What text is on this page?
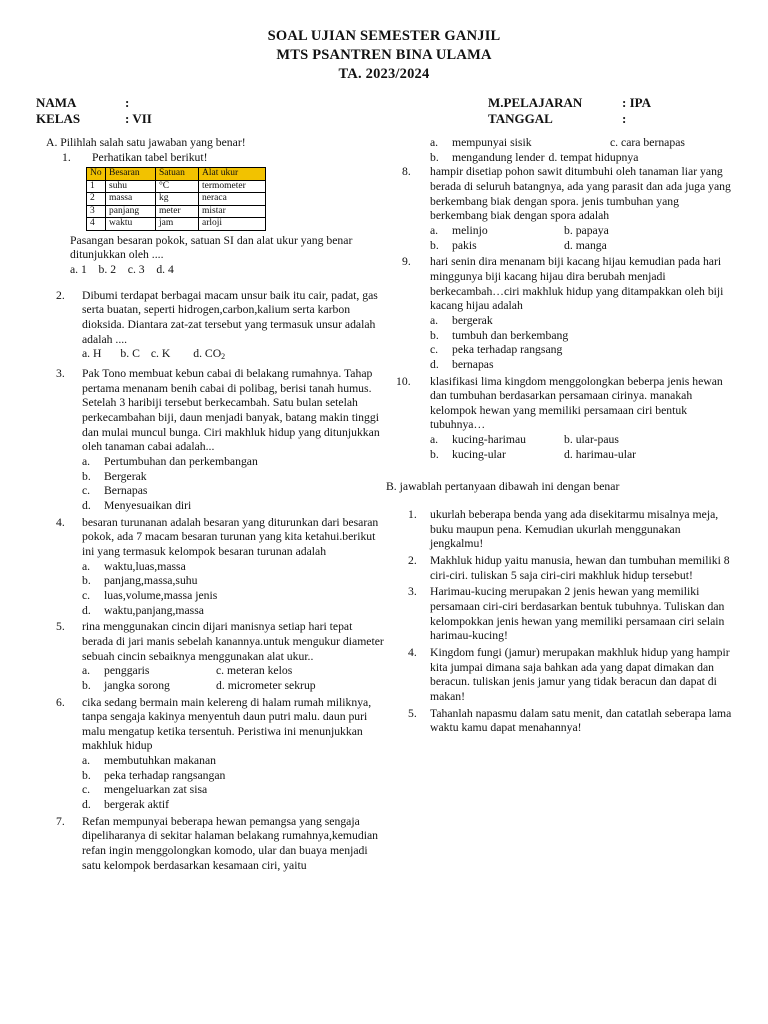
SOAL UJIAN SEMESTER GANJIL
MTS PSANTREN BINA ULAMA
TA. 2023/2024
NAMA	:
KELAS	: VII
M.PELAJARAN	: IPA
TANGGAL	:
A. Pilihlah salah satu jawaban yang benar!
1. Perhatikan tabel berikut!
No	Besaran	Satuan	Alat ukur
1	suhu	°C	termometer
2	massa	kg	neraca
3	panjang	meter	mistar
4	waktu	jam	arloji
Pasangan besaran pokok, satuan SI dan alat ukur yang benar ditunjukkan oleh ....
a. 1    b. 2    c. 3    d. 4
2. Dibumi terdapat berbagai macam unsur baik itu cair, padat, gas serta buatan, seperti hidrogen,carbon,kalium serta karbon dioksida. Diantara zat-zat tersebut yang termasuk unsur adalah adalah ....
a. H b. C c. K d. $CO_2$
3. Pak Tono membuat kebun cabai di belakang rumahnya. Tahap pertama menanam benih cabai di polibag, berisi tanah humus. Setelah 3 haribiji tersebut berkecambah. Satu bulan setelah perkecambahan biji, daun menjadi banyak, batang makin tinggi dan mulai muncul bunga. Ciri makhluk hidup yang ditunjukkan oleh tanaman cabai adalah...
a. Pertumbuhan dan perkembangan
b. Bergerak
c. Bernapas
d. Menyesuaikan diri
4. besaran turunanan adalah besaran yang diturunkan dari besaran pokok, ada 7 macam besaran turunan yang kita ketahui.berikut ini yang termasuk kelompok besaran turunan adalah
a. waktu,luas,massa
b. panjang,massa,suhu
c. luas,volume,massa jenis
d. waktu,panjang,massa
5. rina menggunakan cincin dijari manisnya setiap hari tepat berada di jari manis sebelah kanannya.untuk mengukur diameter sebuah cincin sebaiknya menggunakan alat ukur..
a. penggaris	c. meteran kelos
b. jangka sorong	d. micrometer sekrup
6. cika sedang bermain main kelereng di halam rumah miliknya, tanpa sengaja kakinya menyentuh daun putri malu. daun puri malu mengatup ketika tersentuh. Peristiwa ini menunjukkan makhluk hidup
a. membutuhkan makanan
b. peka terhadap rangsangan
c. mengeluarkan zat sisa
d. bergerak aktif
7. Refan mempunyai beberapa hewan pemangsa yang sengaja dipeliharanya di sekitar halaman belakang rumahnya,kemudian refan ingin menggolongkan komodo, ular dan buaya menjadi satu kelompok berdasarkan kesamaan ciri, yaitu
a. mempunyai sisik	c. cara bernapas
b. mengandung lender d. tempat hidupnya
8. hampir disetiap pohon sawit ditumbuhi oleh tanaman liar yang berada di seluruh batangnya, ada yang parasit dan ada juga yang berkembang biak dengan spora. jenis tumbuhan yang berkembang biak dengan spora adalah
a. melinjo	b. papaya
b. pakis	d. manga
9. hari senin dira menanam biji kacang hijau kemudian pada hari minggunya biji kacang hijau dira berubah menjadi berkecambah…ciri makhluk hidup yang ditampakkan oleh biji kacang hijau adalah
a. bergerak
b. tumbuh dan berkembang
c. peka terhadap rangsang
d. bernapas
10. klasifikasi lima kingdom menggolongkan beberpa jenis hewan dan tumbuhan berdasarkan persamaan cirinya. manakah kelompok hewan yang memiliki persamaan ciri bentuk tubuhnya…
a. kucing-harimau	b. ular-paus
b. kucing-ular	d. harimau-ular
B. jawablah pertanyaan dibawah ini dengan benar
1. ukurlah beberapa benda yang ada disekitarmu misalnya meja, buku maupun pena. Kemudian ukurlah menggunakan jengkalmu!
2. Makhluk hidup yaitu manusia, hewan dan tumbuhan memiliki 8 ciri-ciri. tuliskan 5 saja ciri-ciri makhluk hidup tersebut!
3. Harimau-kucing merupakan 2 jenis hewan yang memiliki persamaan ciri-ciri berdasarkan bentuk tubuhnya. Tuliskan dan kelompokkan jenis hewan yang memiliki persamaan ciri selain harimau-kucing!
4. Kingdom fungi (jamur) merupakan makhluk hidup yang hampir kita jumpai dimana saja bahkan ada yang dapat dimakan dan beracun. tuliskan jenis jamur yang tidak beracun dan dapat di makan!
5. Tahanlah napasmu dalam satu menit, dan catatlah seberapa lama waktu kamu dapat menahannya!
